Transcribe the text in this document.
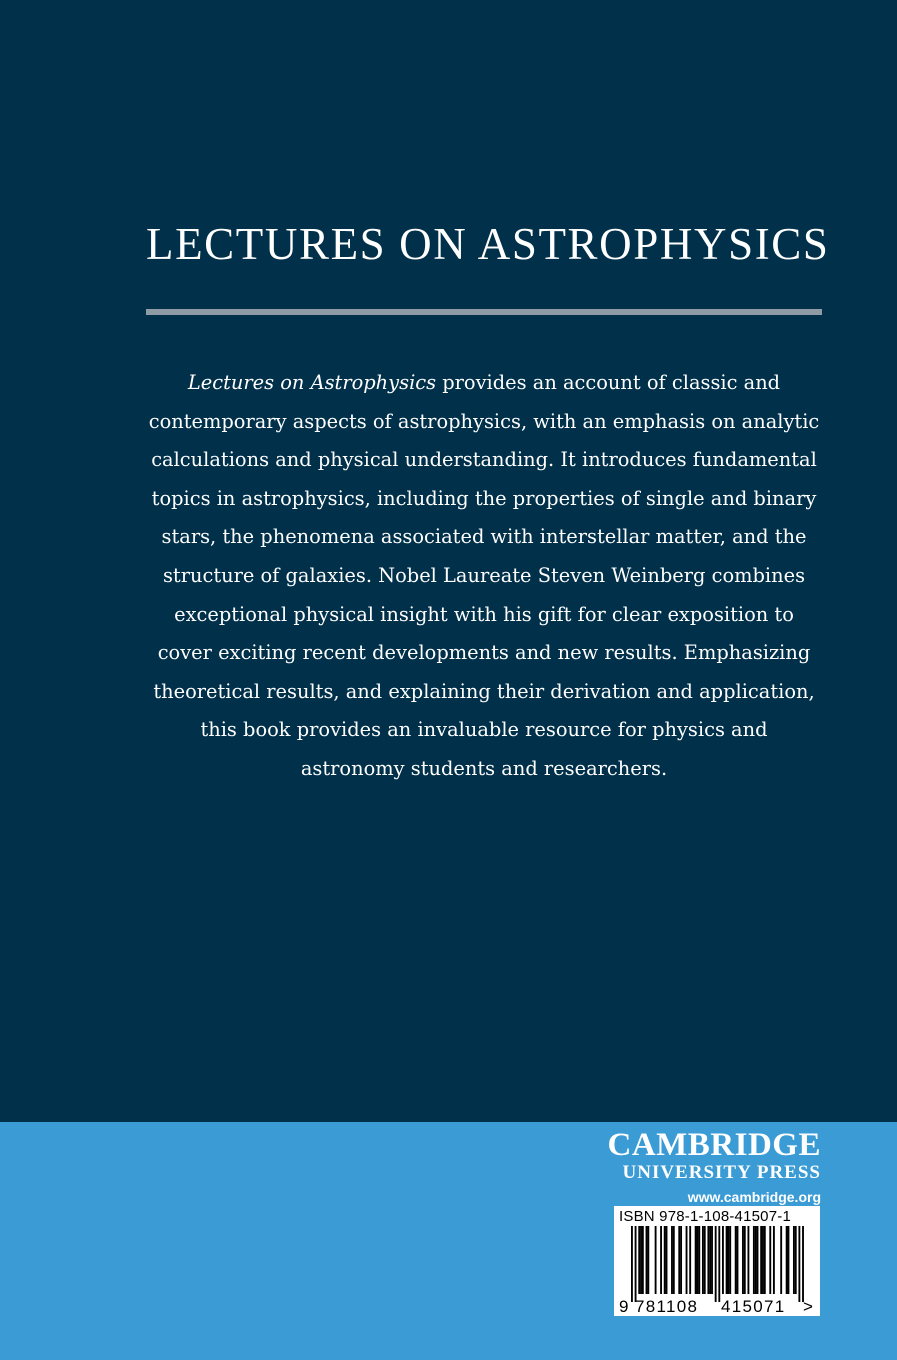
LECTURES ON ASTROPHYSICS

Lectures on Astrophysics provides an account of classic and
contemporary aspects of astrophysics, with an emphasis on analytic
calculations and physical understanding. It introduces fundamental
topics in astrophysics, including the properties of single and binary
stars, the phenomena associated with interstellar matter, and the
structure of galaxies. Nobel Laureate Steven Weinberg combines
exceptional physical insight with his gift for clear exposition to
cover exciting recent developments and new results. Emphasizing
theoretical results, and explaining their derivation and application,
this book provides an invaluable resource for physics and
astronomy students and researchers.

CAMBRIDGE
UNIVERSITY PRESS
www.cambridge.org
ISBN 978-1-108-41507-1
9 781108 415071 >
